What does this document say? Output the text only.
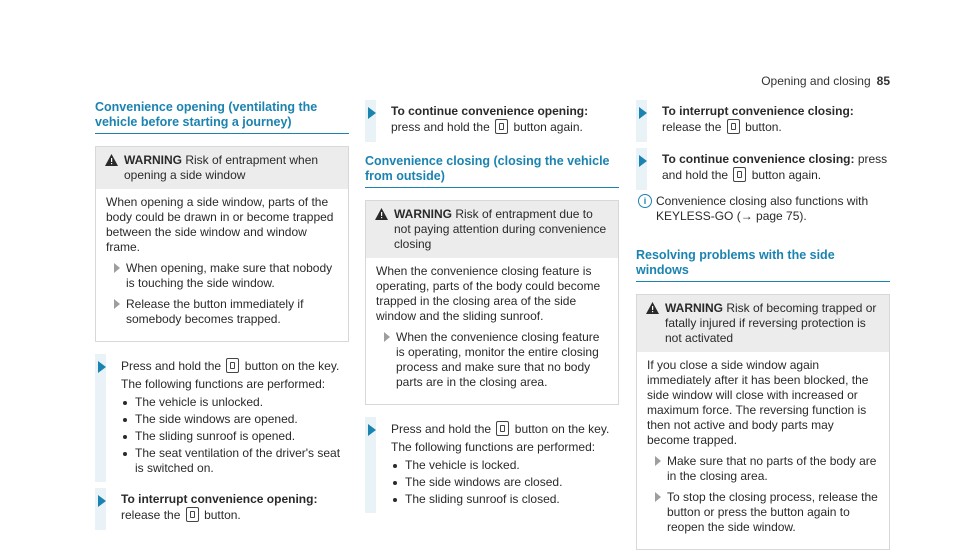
Opening and closing 85
Convenience opening (ventilating the vehicle before starting a journey)
WARNING Risk of entrapment when opening a side window

When opening a side window, parts of the body could be drawn in or become trapped between the side window and window frame.

When opening, make sure that nobody is touching the side window.
Release the button immediately if somebody becomes trapped.

Press and hold the button on the key.

The following functions are performed:

The vehicle is unlocked.
The side windows are opened.
The sliding sunroof is opened.
The seat ventilation of the driver's seat is switched on.

To interrupt convenience opening: release the button.

To continue convenience opening: press and hold the button again.

Convenience closing (closing the vehicle from outside)
WARNING Risk of entrapment due to not paying attention during convenience closing

When the convenience closing feature is operating, parts of the body could become trapped in the closing area of the side window and the sliding sunroof.

When the convenience closing feature is operating, monitor the entire closing process and make sure that no body parts are in the closing area.

Press and hold the button on the key.

The following functions are performed:

The vehicle is locked.
The side windows are closed.
The sliding sunroof is closed.

To interrupt convenience closing: release the button.

To continue convenience closing: press and hold the button again.

i Convenience closing also functions with KEYLESS-GO (→ page 75).
Resolving problems with the side windows
WARNING Risk of becoming trapped or fatally injured if reversing protection is not activated

If you close a side window again immediately after it has been blocked, the side window will close with increased or maximum force. The reversing function is then not active and body parts may become trapped.

Make sure that no parts of the body are in the closing area.
To stop the closing process, release the button or press the button again to reopen the side window.
